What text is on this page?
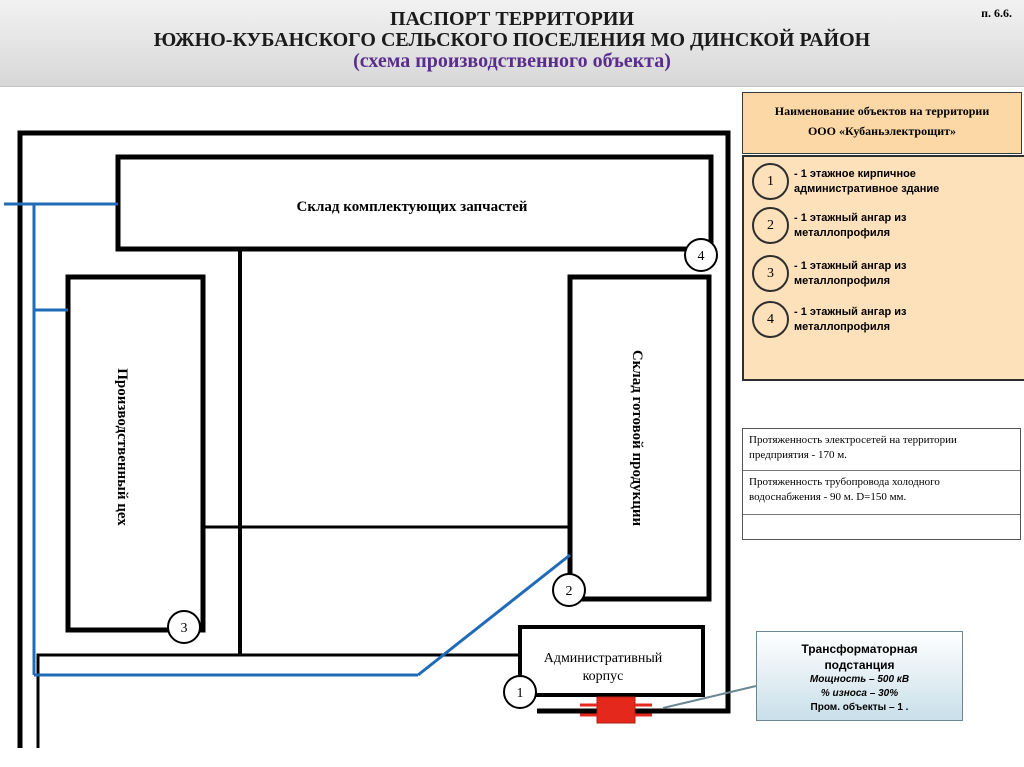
ПАСПОРТ ТЕРРИТОРИИ
ЮЖНО-КУБАНСКОГО СЕЛЬСКОГО ПОСЕЛЕНИЯ МО ДИНСКОЙ РАЙОН
(схема производственного объекта)
п. 6.6.
Склад комплектующих запчастей
Производственный цех	Склад готовой продукции
Административный
корпус
4
2
3
1
Наименование объектов на территории
ООО «Кубаньэлектрощит»
1	- 1 этажное кирпичное
административное здание
2	- 1 этажный ангар из
металлопрофиля
3	- 1 этажный ангар из
металлопрофиля
4	- 1 этажный ангар из
металлопрофиля
Протяженность электросетей на территории предприятия - 170 м.
Протяженность трубопровода холодного водоснабжения - 90 м. D=150 мм.
Трансформаторная
подстанция
Мощность – 500 кВ
% износа – 30%
Пром. объекты – 1 .
